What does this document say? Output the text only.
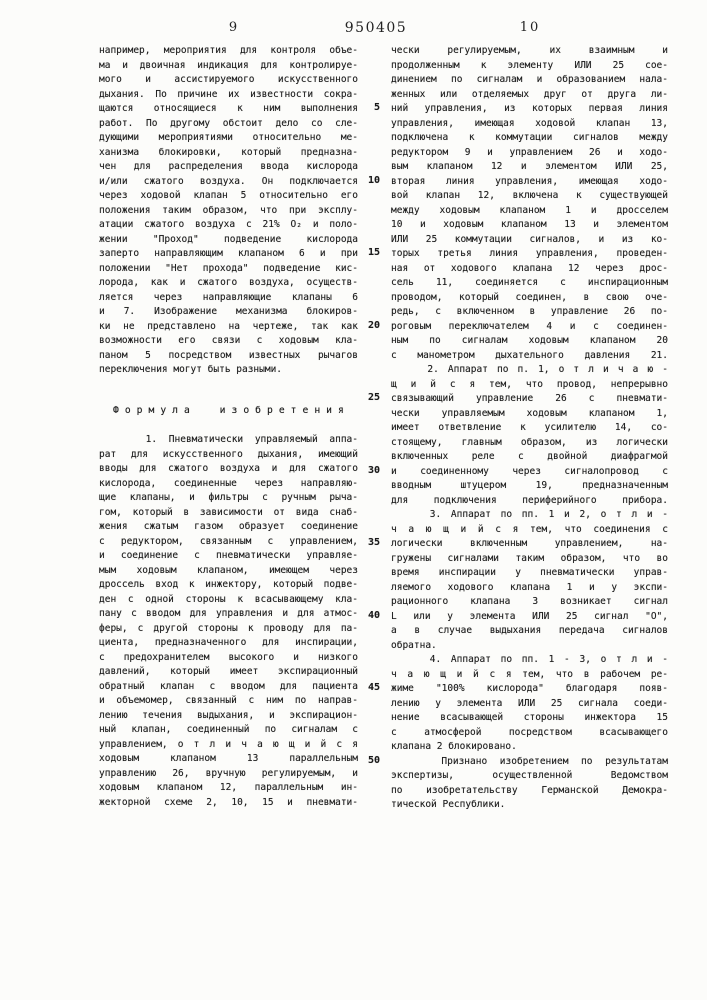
9	950405	10
5
10
15
20
25
30
35
40
45
50
например, мероприятия для контроля объе-
ма и двоичная индикация для контролируе-
мого и ассистируемого искусственного
дыхания. По причине их известности сокра-
щаются относящиеся к ним выполнения
работ. По другому обстоит дело со сле-
дующими мероприятиями относительно ме-
ханизма блокировки, который предназна-
чен для распределения ввода кислорода
и/или сжатого воздуха. Он подключается
через ходовой клапан 5 относительно его
положения таким образом, что при эксплу-
атации сжатого воздуха с 21% О₂ и поло-
жении "Проход" подведение кислорода
заперто направляющим клапаном 6 и при
положении "Нет прохода" подведение кис-
лорода, как и сжатого воздуха, осуществ-
ляется через направляющие клапаны 6
и 7. Изображение механизма блокиров-
ки не представлено на чертеже, так как
возможности его связи с ходовым кла-
паном 5 посредством известных рычагов
переключения могут быть разными.
Формула изобретения
1. Пневматически управляемый аппа-
рат для искусственного дыхания, имеющий
вводы для сжатого воздуха и для сжатого
кислорода, соединенные через направляю-
щие клапаны, и фильтры с ручным рыча-
гом, который в зависимости от вида снаб-
жения сжатым газом образует соединение
с редуктором, связанным с управлением,
и соединение с пневматически управляе-
мым ходовым клапаном, имеющем через
дроссель вход к инжектору, который подве-
ден с одной стороны к всасывающему кла-
пану с вводом для управления и для атмос-
феры, с другой стороны к проводу для па-
циента, предназначенного для инспирации,
с предохранителем высокого и низкого
давлений, который имеет экспирационный
обратный клапан с вводом для пациента
и объемомер, связанный с ним по направ-
лению течения выдыхания, и экспирацион-
ный клапан, соединенный по сигналам с
управлением, о т л и ч а ю щ и й с я
ходовым клапаном 13 параллельным
управлению 26, вручную регулируемым, и
ходовым клапаном 12, параллельным ин-
жекторной схеме 2, 10, 15 и пневмати-
чески регулируемым, их взаимным и
продолженным к элементу ИЛИ 25 сое-
динением по сигналам и образованием нала-
женных или отделяемых друг от друга ли-
ний управления, из которых первая линия
управления, имеющая ходовой клапан 13,
подключена к коммутации сигналов между
редуктором 9 и управлением 26 и ходо-
вым клапаном 12 и элементом ИЛИ 25,
вторая линия управления, имеющая ходо-
вой клапан 12, включена к существующей
между ходовым клапаном 1 и дросселем
10 и ходовым клапаном 13 и элементом
ИЛИ 25 коммутации сигналов, и из ко-
торых третья линия управления, проведен-
ная от ходового клапана 12 через дрос-
сель 11, соединяется с инспирационным
проводом, который соединен, в свою оче-
редь, с включенном в управление 26 по-
роговым переключателем 4 и с соединен-
ным по сигналам ходовым клапаном 20
с манометром дыхательного давления 21.
2. Аппарат по п. 1, о т л и ч а ю -
щ и й с я тем, что провод, непрерывно
связывающий управление 26 с пневмати-
чески управляемым ходовым клапаном 1,
имеет ответвление к усилителю 14, со-
стоящему, главным образом, из логически
включенных реле с двойной диафрагмой
и соединенному через сигналопровод с
вводным штуцером 19, предназначенным
для подключения периферийного прибора.
3. Аппарат по пп. 1 и 2, о т л и -
ч а ю щ и й с я тем, что соединения с
логически включенным управлением, на-
гружены сигналами таким образом, что во
время инспирации у пневматически управ-
ляемого ходового клапана 1 и у экспи-
рационного клапана 3 возникает сигнал
L или у элемента ИЛИ 25 сигнал "О",
а в случае выдыхания передача сигналов
обратна.
4. Аппарат по пп. 1 - 3, о т л и -
ч а ю щ и й с я тем, что в рабочем ре-
жиме "100% кислорода" благодаря появ-
лению у элемента ИЛИ 25 сигнала соеди-
нение всасывающей стороны инжектора 15
с атмосферой посредством всасывающего
клапана 2 блокировано.
Признано изобретением по результатам
экспертизы, осуществленной Ведомством
по изобретательству Германской Демокра-
тической Республики.
